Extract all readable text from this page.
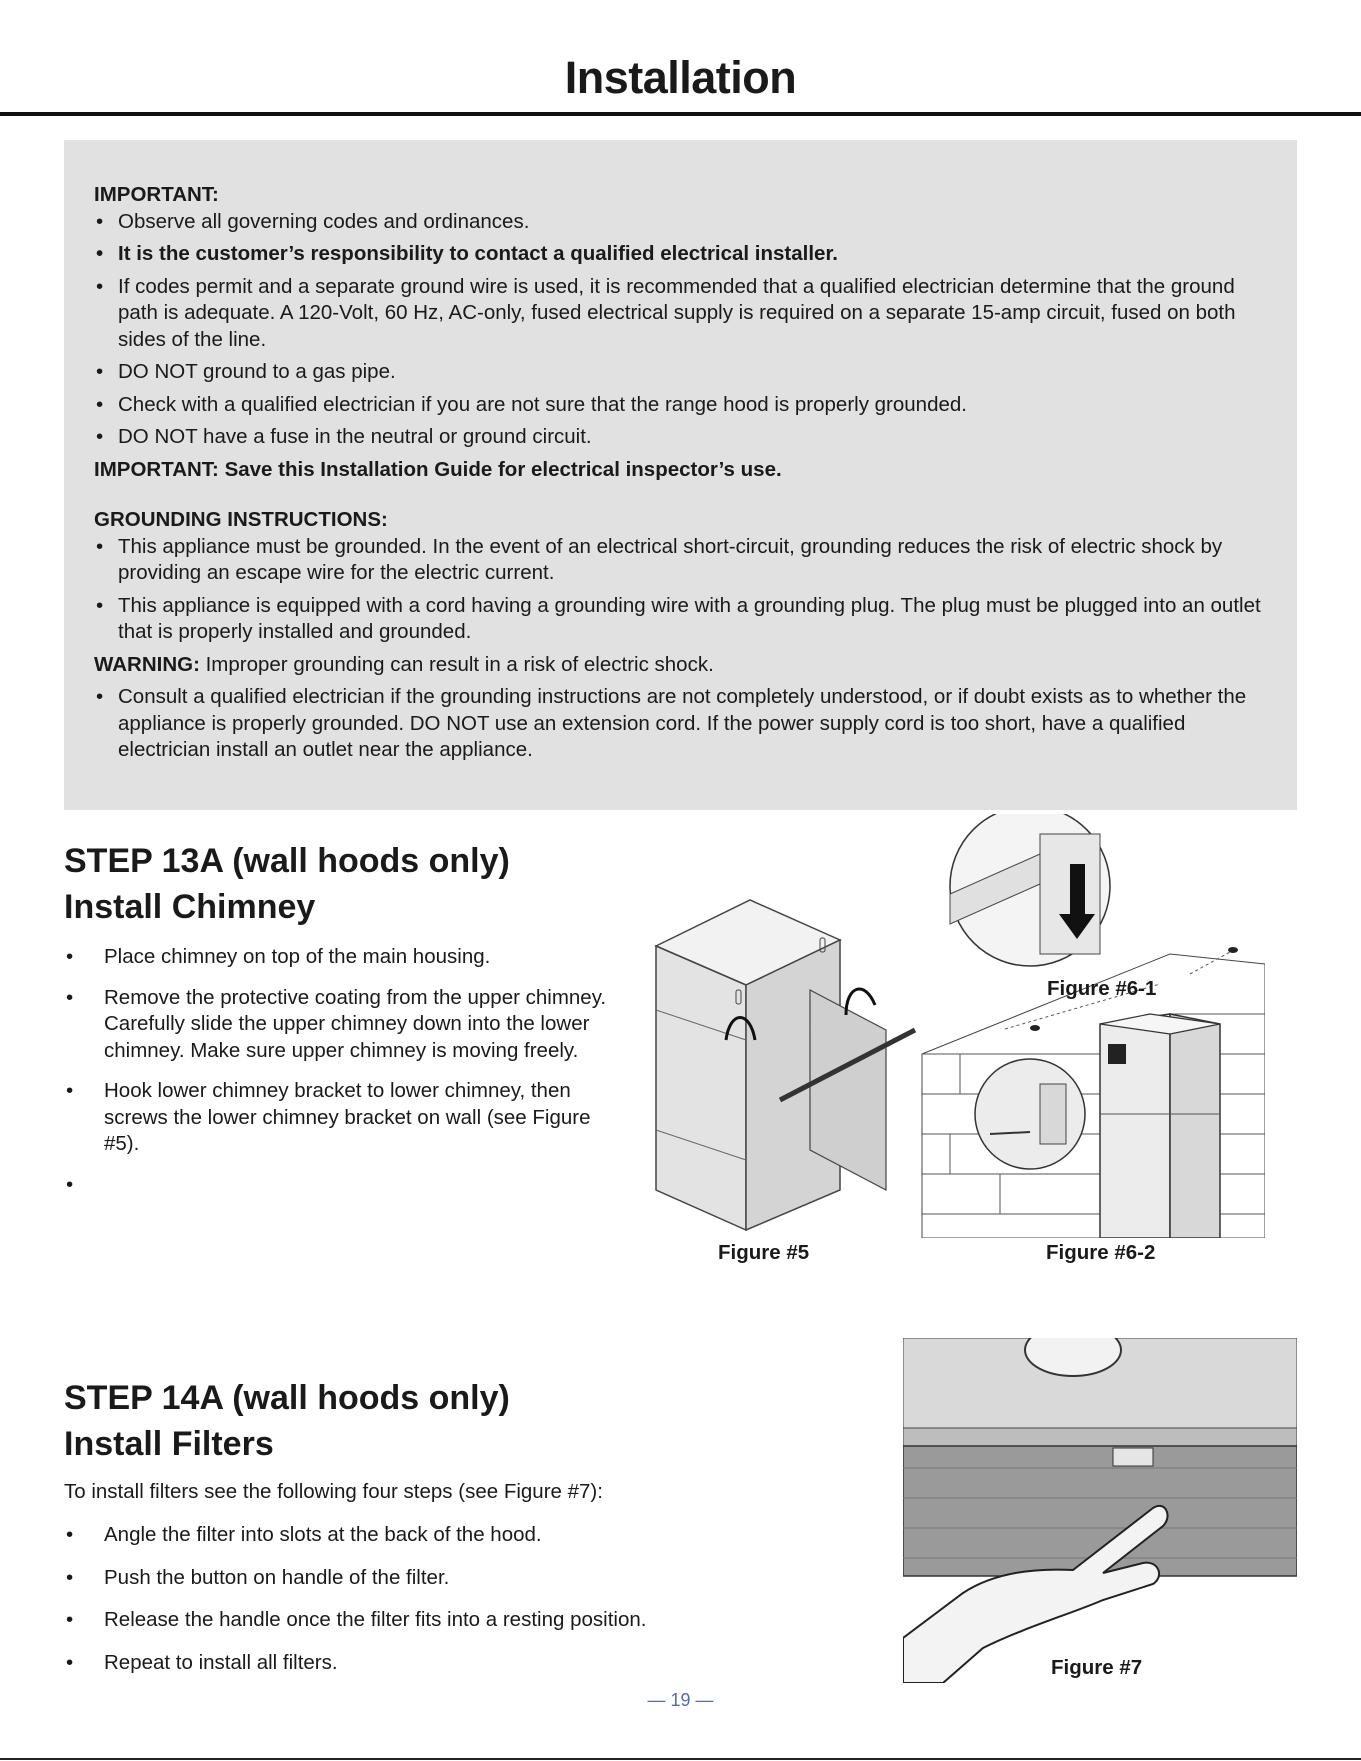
Installation

IMPORTANT:

• Observe all governing codes and ordinances.
• It is the customer’s responsibility to contact a qualified electrical installer.
• If codes permit and a separate ground wire is used, it is recommended that a qualified electrician determine that the ground path is adequate. A 120-Volt, 60 Hz, AC-only, fused electrical supply is required on a separate 15-amp circuit, fused on both sides of the line.
• DO NOT ground to a gas pipe.
• Check with a qualified electrician if you are not sure that the range hood is properly grounded.
• DO NOT have a fuse in the neutral or ground circuit.

IMPORTANT: Save this Installation Guide for electrical inspector’s use.

GROUNDING INSTRUCTIONS:

• This appliance must be grounded. In the event of an electrical short-circuit, grounding reduces the risk of electric shock by providing an escape wire for the electric current.
• This appliance is equipped with a cord having a grounding wire with a grounding plug. The plug must be plugged into an outlet that is properly installed and grounded.

WARNING: Improper grounding can result in a risk of electric shock.

• Consult a qualified electrician if the grounding instructions are not completely understood, or if doubt exists as to whether the appliance is properly grounded. DO NOT use an extension cord. If the power supply cord is too short, have a qualified electrician install an outlet near the appliance.
STEP 13A (wall hoods only)
Install Chimney
• Place chimney on top of the main housing.
• Remove the protective coating from the upper chimney. Carefully slide the upper chimney down into the lower chimney. Make sure upper chimney is moving freely.
• Hook lower chimney bracket to lower chimney, then screws the lower chimney bracket on wall (see Figure #5).
Figure #6-1
Figure #5	Figure #6-2
STEP 14A (wall hoods only)
Install Filters

To install filters see the following four steps (see Figure #7):

• Angle the filter into slots at the back of the hood.
• Push the button on handle of the filter.
• Release the handle once the filter fits into a resting position.
• Repeat to install all filters.	Figure #7
— 19 —
